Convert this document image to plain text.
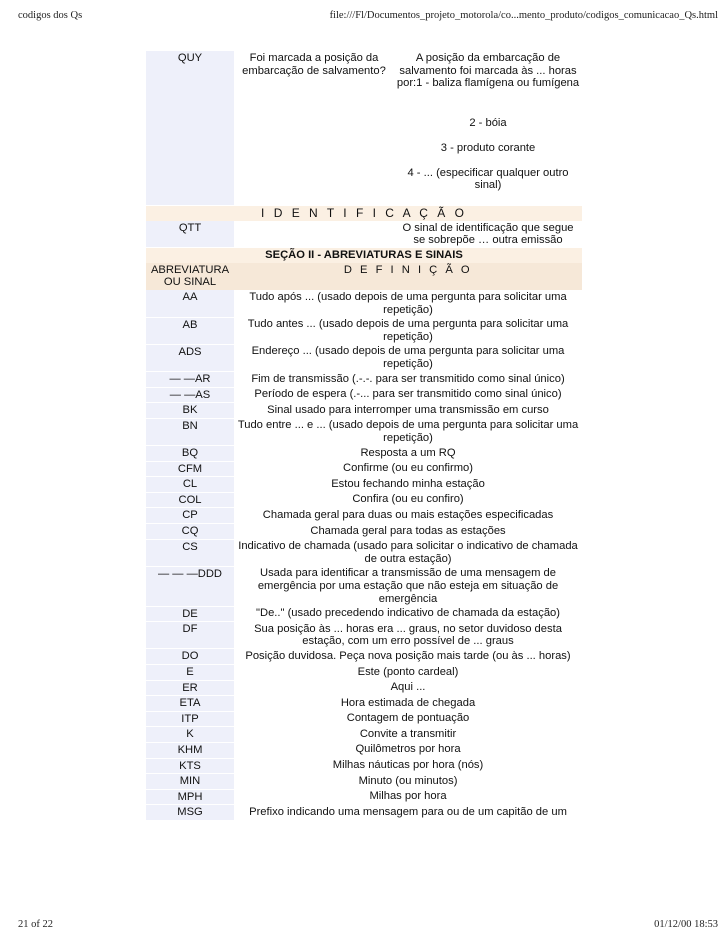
codigos dos Qs	file:///Fl/Documentos_projeto_motorola/co...mento_produto/codigos_comunicacao_Qs.html
QUY	Foi marcada a posição da embarcação de salvamento?	A posição da embarcação de salvamento foi marcada às ... horas por:1 - baliza flamígena ou fumígena
2 - bóia
3 - produto corante
4 - ... (especificar qualquer outro sinal)

I D E N T I F I C A Ç Ã O
QTT		O sinal de identificação que segue se sobrepõe … outra emissão
SEÇÃO II - ABREVIATURAS E SINAIS	
ABREVIATURA OU SINAL	D E F I N I Ç Ã O
AA	Tudo após ... (usado depois de uma pergunta para solicitar uma repetição)
AB	Tudo antes ... (usado depois de uma pergunta para solicitar uma repetição)
ADS	Endereço ... (usado depois de uma pergunta para solicitar uma repetição)
— —AR	Fim de transmissão (.-.-. para ser transmitido como sinal único)
— —AS	Período de espera (.-... para ser transmitido como sinal único)
BK	Sinal usado para interromper uma transmissão em curso
BN	Tudo entre ... e ... (usado depois de uma pergunta para solicitar uma repetição)
BQ	Resposta a um RQ
CFM	Confirme (ou eu confirmo)
CL	Estou fechando minha estação
COL	Confira (ou eu confiro)
CP	Chamada geral para duas ou mais estações especificadas
CQ	Chamada geral para todas as estações
CS	Indicativo de chamada (usado para solicitar o indicativo de chamada de outra estação)
— — —DDD	Usada para identificar a transmissão de uma mensagem de emergência por uma estação que não esteja em situação de emergência
DE	"De.." (usado precedendo indicativo de chamada da estação)
DF	Sua posição às ... horas era ... graus, no setor duvidoso desta estação, com um erro possível de ... graus
DO	Posição duvidosa. Peça nova posição mais tarde (ou às ... horas)
E	Este (ponto cardeal)
ER	Aqui ...
ETA	Hora estimada de chegada
ITP	Contagem de pontuação
K	Convite a transmitir
KHM	Quilômetros por hora
KTS	Milhas náuticas por hora (nós)
MIN	Minuto (ou minutos)
MPH	Milhas por hora
MSG	Prefixo indicando uma mensagem para ou de um capitão de um
21 of 22	01/12/00 18:53
